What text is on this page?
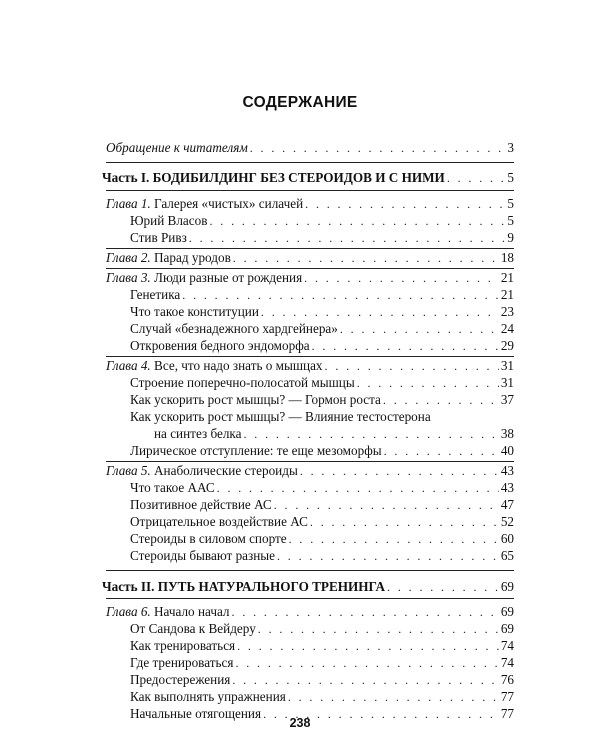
СОДЕРЖАНИЕ
Обращение к читателям . . .	3
Часть I. БОДИБИЛДИНГ БЕЗ СТЕРОИДОВ И С НИМИ . . .	5
Глава 1. Галерея «чистых» силачей . . .	5
Юрий Власов . . .	5
Стив Ривз . . .	9
Глава 2. Парад уродов . . .	18
Глава 3. Люди разные от рождения . . .	21
Генетика . . .	21
Что такое конституции . . .	23
Случай «безнадежного хардгейнера» . . .	24
Откровения бедного эндоморфа . . .	29
Глава 4. Все, что надо знать о мышцах . . .	31
Строение поперечно-полосатой мышцы . . .	31
Как ускорить рост мышцы? — Гормон роста . . .	37
Как ускорить рост мышцы? — Влияние тестостерона
на синтез белка . . .	38
Лирическое отступление: те еще мезоморфы . . .	40
Глава 5. Анаболические стероиды . . .	43
Что такое ААС . . .	43
Позитивное действие АС . . .	47
Отрицательное воздействие АС . . .	52
Стероиды в силовом спорте . . .	60
Стероиды бывают разные . . .	65
Часть II. ПУТЬ НАТУРАЛЬНОГО ТРЕНИНГА . . .	69
Глава 6. Начало начал . . .	69
От Сандова к Вейдеру . . .	69
Как тренироваться . . .	74
Где тренироваться . . .	74
Предостережения . . .	76
Как выполнять упражнения . . .	77
Начальные отягощения . . .	77
238
